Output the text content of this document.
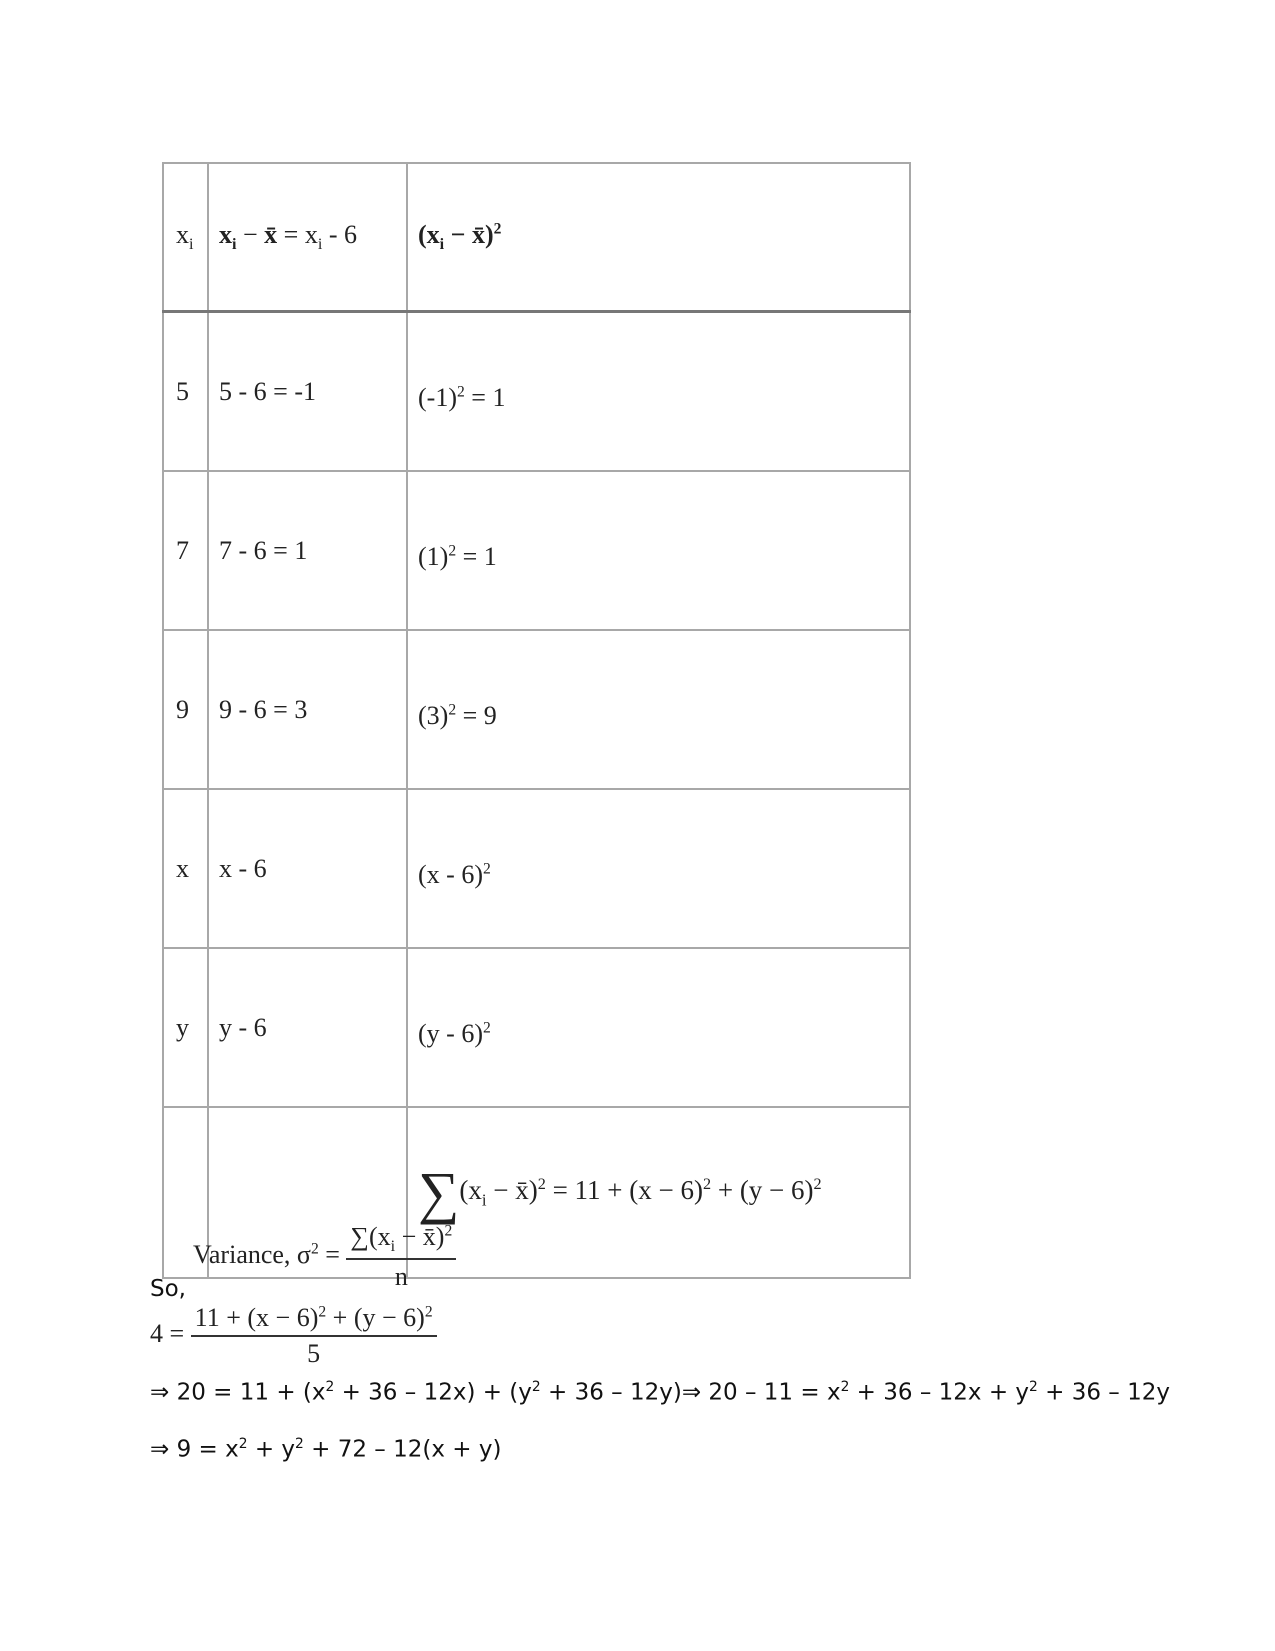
$x_i$	$x_i$ − x̄ = $x_i - 6$	($x_i$ − x̄)$^2$
5	5 - 6 = -1	$(-1)^2 = 1$
7	7 - 6 = 1	$(1)^2 = 1$
9	9 - 6 = 3	$(3)^2 = 9$
x	x - 6	(x - 6)$^2$
y	y - 6	(y - 6)$^2$
		$\sum(x_i$ − x̄)$^2$ = $11 + (x - 6)^2 + (y - 6)^2$
Variance, $\sigma^2 = \frac{\sum(x_i - x̄)^2}{n}$
So,
$4 = \frac{11 + (x - 6)^2 + (y - 6)^2}{5}$
⇒ $20 = 11 + (x^2 + 36 - 12x) + (y^2 + 36$ – 12y)⇒ $20 - 11 = x^2 + 36 - 12x + y^2 + 36 - 12y$
⇒ $9 = x^2 + y^2 + 72 - 12(x + y)$
